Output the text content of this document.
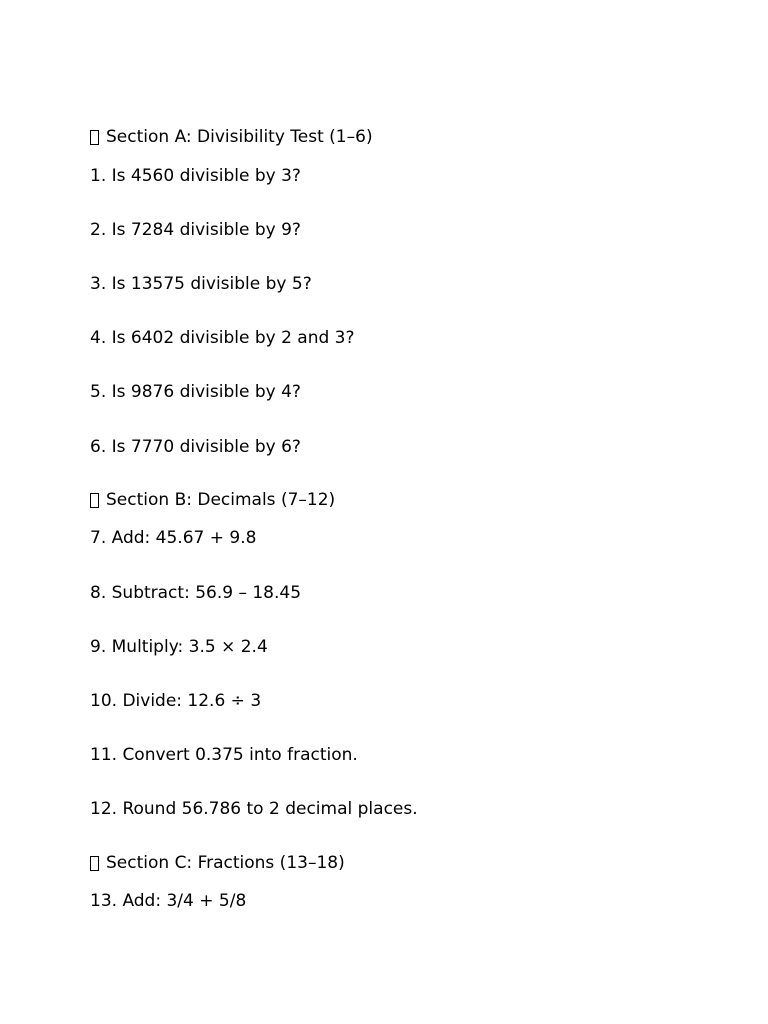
Section A: Divisibility Test (1–6)
1. Is 4560 divisible by 3?
2. Is 7284 divisible by 9?
3. Is 13575 divisible by 5?
4. Is 6402 divisible by 2 and 3?
5. Is 9876 divisible by 4?
6. Is 7770 divisible by 6?
Section B: Decimals (7–12)
7. Add: 45.67 + 9.8
8. Subtract: 56.9 – 18.45
9. Multiply: 3.5 × 2.4
10. Divide: 12.6 ÷ 3
11. Convert 0.375 into fraction.
12. Round 56.786 to 2 decimal places.
Section C: Fractions (13–18)
13. Add: 3/4 + 5/8
